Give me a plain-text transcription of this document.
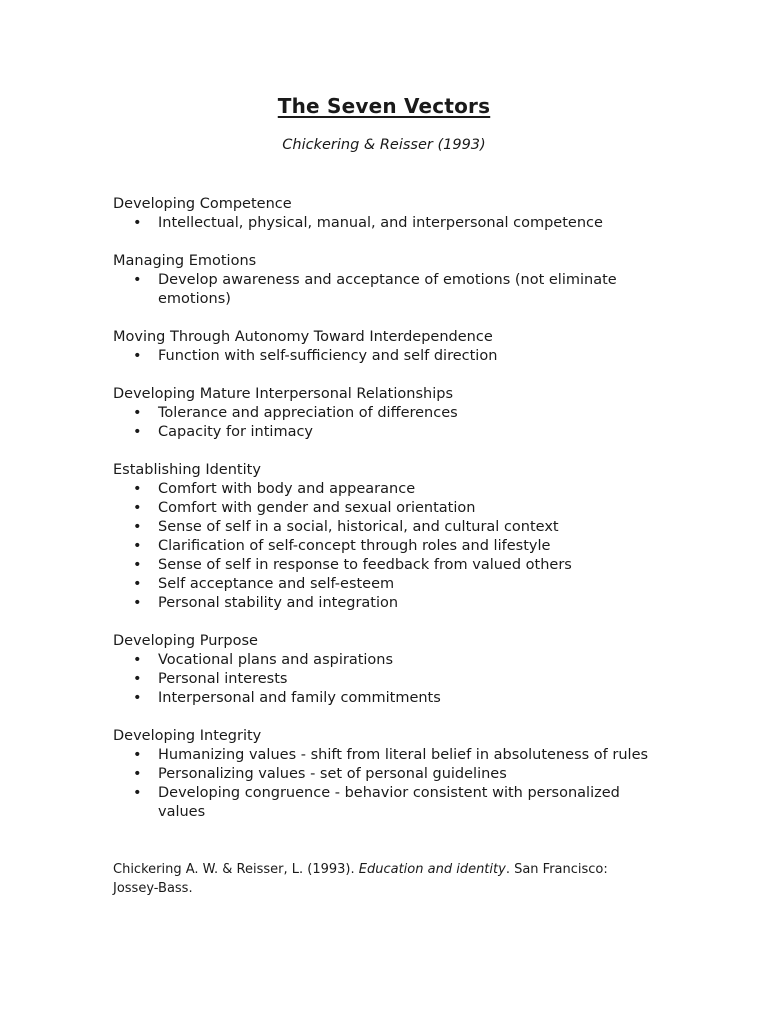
The Seven Vectors
Chickering & Reisser (1993)
Developing Competence
• Intellectual, physical, manual, and interpersonal competence
Managing Emotions
• Develop awareness and acceptance of emotions (not eliminate emotions)
Moving Through Autonomy Toward Interdependence
• Function with self-sufficiency and self direction
Developing Mature Interpersonal Relationships
• Tolerance and appreciation of differences
• Capacity for intimacy
Establishing Identity
• Comfort with body and appearance
• Comfort with gender and sexual orientation
• Sense of self in a social, historical, and cultural context
• Clarification of self-concept through roles and lifestyle
• Sense of self in response to feedback from valued others
• Self acceptance and self-esteem
• Personal stability and integration
Developing Purpose
• Vocational plans and aspirations
• Personal interests
• Interpersonal and family commitments
Developing Integrity
• Humanizing values - shift from literal belief in absoluteness of rules
• Personalizing values - set of personal guidelines
• Developing congruence - behavior consistent with personalized values
Chickering A. W. & Reisser, L. (1993). Education and identity. San Francisco: Jossey-Bass.
